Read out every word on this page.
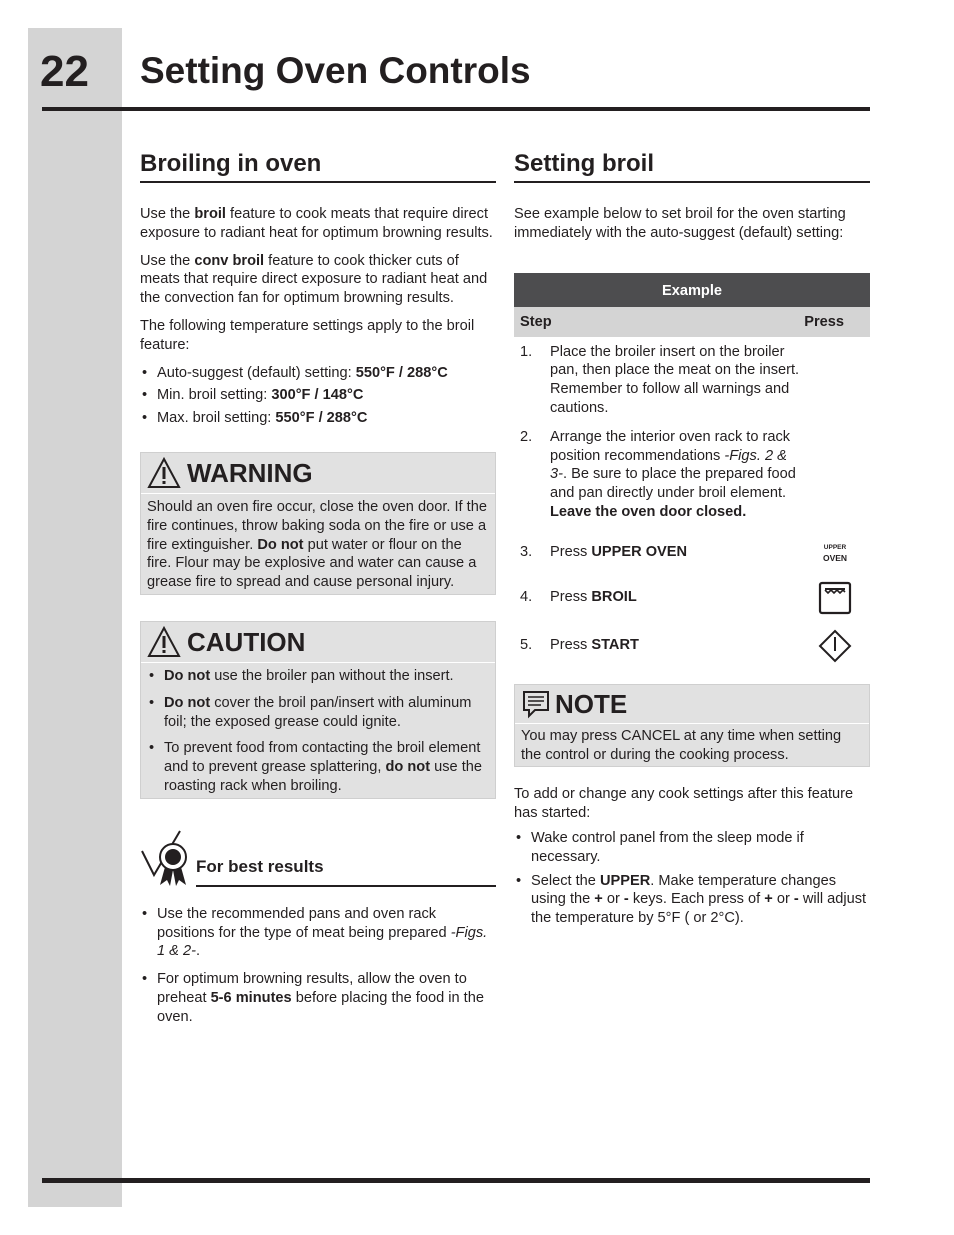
22 Setting Oven Controls
Broiling in oven

Use the broil feature to cook meats that require direct exposure to radiant heat for optimum browning results.

Use the conv broil feature to cook thicker cuts of meats that require direct exposure to radiant heat and the convection fan for optimum browning results.

The following temperature settings apply to the broil feature:

• Auto-suggest (default) setting: 550°F / 288°C
• Min. broil setting: 300°F / 148°C
• Max. broil setting: 550°F / 288°C
WARNING

Should an oven fire occur, close the oven door. If the fire continues, throw baking soda on the fire or use a fire extinguisher. Do not put water or flour on the fire. Flour may be explosive and water can cause a grease fire to spread and cause personal injury.

CAUTION
• Do not use the broiler pan without the insert.
• Do not cover the broil pan/insert with aluminum foil; the exposed grease could ignite.
• To prevent food from contacting the broil element and to prevent grease splattering, do not use the roasting rack when broiling.
For best results
• Use the recommended pans and oven rack positions for the type of meat being prepared -Figs. 1 & 2-.
• For optimum browning results, allow the oven to preheat 5-6 minutes before placing the food in the oven.
Setting broil

See example below to set broil for the oven starting immediately with the auto-suggest (default) setting:

Example
Step	Press
1.	Place the broiler insert on the broiler pan, then place the meat on the insert. Remember to follow all warnings and cautions.
2.	Arrange the interior oven rack to rack position recommendations -Figs. 2 & 3-. Be sure to place the prepared food and pan directly under broil element. Leave the oven door closed.
3.	Press UPPER OVEN	UPPER
OVEN
4.	Press BROIL
5.	Press START
NOTE

You may press CANCEL at any time when setting the control or during the cooking process.

To add or change any cook settings after this feature has started:

• Wake control panel from the sleep mode if necessary.
• Select the UPPER. Make temperature changes using the + or - keys. Each press of + or - will adjust the temperature by 5°F ( or 2°C).
